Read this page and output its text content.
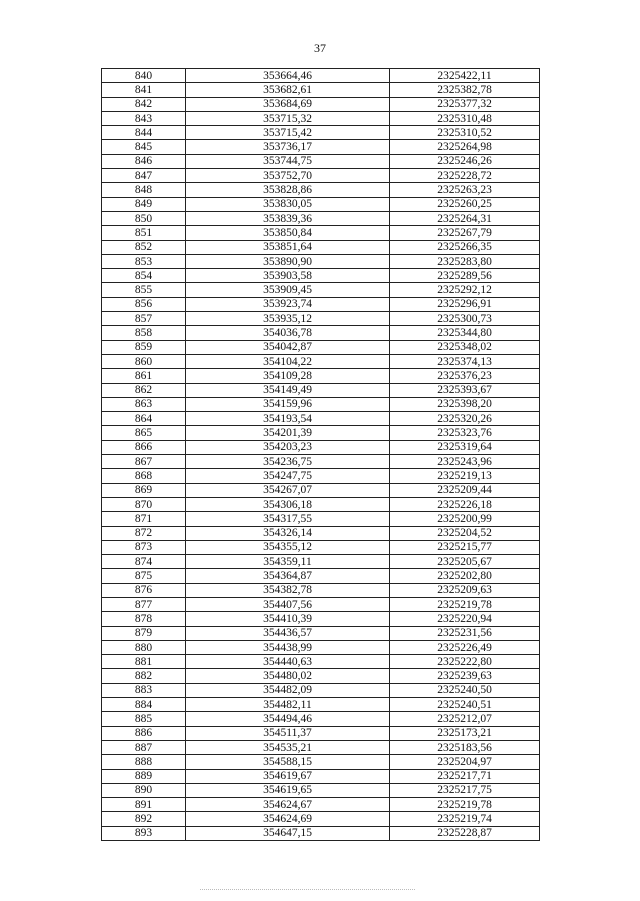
37
840	353664,46	2325422,11
841	353682,61	2325382,78
842	353684,69	2325377,32
843	353715,32	2325310,48
844	353715,42	2325310,52
845	353736,17	2325264,98
846	353744,75	2325246,26
847	353752,70	2325228,72
848	353828,86	2325263,23
849	353830,05	2325260,25
850	353839,36	2325264,31
851	353850,84	2325267,79
852	353851,64	2325266,35
853	353890,90	2325283,80
854	353903,58	2325289,56
855	353909,45	2325292,12
856	353923,74	2325296,91
857	353935,12	2325300,73
858	354036,78	2325344,80
859	354042,87	2325348,02
860	354104,22	2325374,13
861	354109,28	2325376,23
862	354149,49	2325393,67
863	354159,96	2325398,20
864	354193,54	2325320,26
865	354201,39	2325323,76
866	354203,23	2325319,64
867	354236,75	2325243,96
868	354247,75	2325219,13
869	354267,07	2325209,44
870	354306,18	2325226,18
871	354317,55	2325200,99
872	354326,14	2325204,52
873	354355,12	2325215,77
874	354359,11	2325205,67
875	354364,87	2325202,80
876	354382,78	2325209,63
877	354407,56	2325219,78
878	354410,39	2325220,94
879	354436,57	2325231,56
880	354438,99	2325226,49
881	354440,63	2325222,80
882	354480,02	2325239,63
883	354482,09	2325240,50
884	354482,11	2325240,51
885	354494,46	2325212,07
886	354511,37	2325173,21
887	354535,21	2325183,56
888	354588,15	2325204,97
889	354619,67	2325217,71
890	354619,65	2325217,75
891	354624,67	2325219,78
892	354624,69	2325219,74
893	354647,15	2325228,87
